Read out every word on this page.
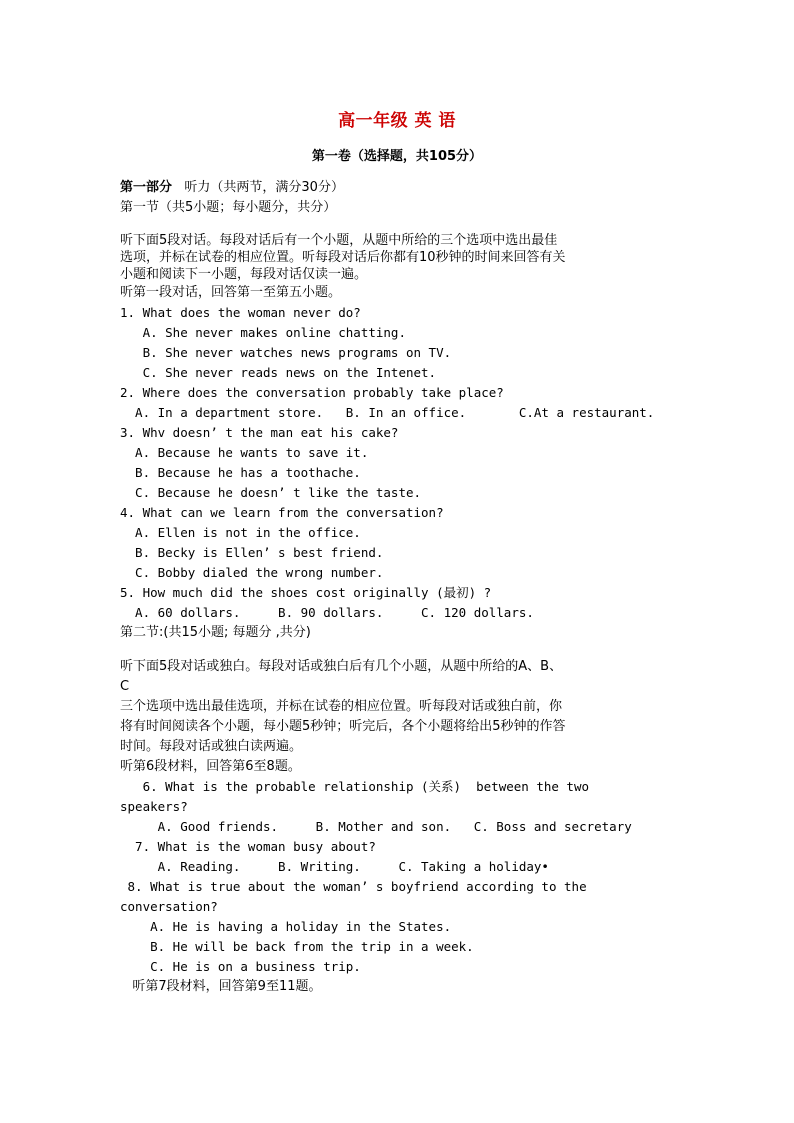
高一年级 英 语
第一卷（选择题，共105分）
第一部分   听力（共两节，满分30分）
第一节（共5小题；每小题分，共分）
听下面5段对话。每段对话后有一个小题，从题中所给的三个选项中选出最佳
选项，并标在试卷的相应位置。听每段对话后你都有10秒钟的时间来回答有关
小题和阅读下一小题，每段对话仅读一遍。
听第一段对话，回答第一至第五小题。
1. What does the woman never do?
A. She never makes online chatting.
B. She never watches news programs on TV.
C. She never reads news on the Intenet.
2. Where does the conversation probably take place?
A. In a department store.   B. In an office.       C.At a restaurant.
3. Whv doesn’ t the man eat his cake?
A. Because he wants to save it.
B. Because he has a toothache.
C. Because he doesn’ t like the taste.
4. What can we learn from the conversation?
A. Ellen is not in the office.
B. Becky is Ellen’ s best friend.
C. Bobby dialed the wrong number.
5. How much did the shoes cost originally (最初) ?
A. 60 dollars.     B. 90 dollars.     C. 120 dollars.
第二节:(共15小题; 每题分 ,共分)
听下面5段对话或独白。每段对话或独白后有几个小题，从题中所给的A、B、
C
三个选项中选出最佳选项，并标在试卷的相应位置。听每段对话或独白前，你
将有时间阅读各个小题，每小题5秒钟；听完后，各个小题将给出5秒钟的作答
时间。每段对话或独白读两遍。
听第6段材料，回答第6至8题。
6. What is the probable relationship (关系)  between the two
speakers?
A. Good friends.     B. Mother and son.   C. Boss and secretary
7. What is the woman busy about?
A. Reading.     B. Writing.     C. Taking a holiday•
8. What is true about the woman’ s boyfriend according to the
conversation?
A. He is having a holiday in the States.
B. He will be back from the trip in a week.
C. He is on a business trip.
听第7段材料，回答第9至11题。
